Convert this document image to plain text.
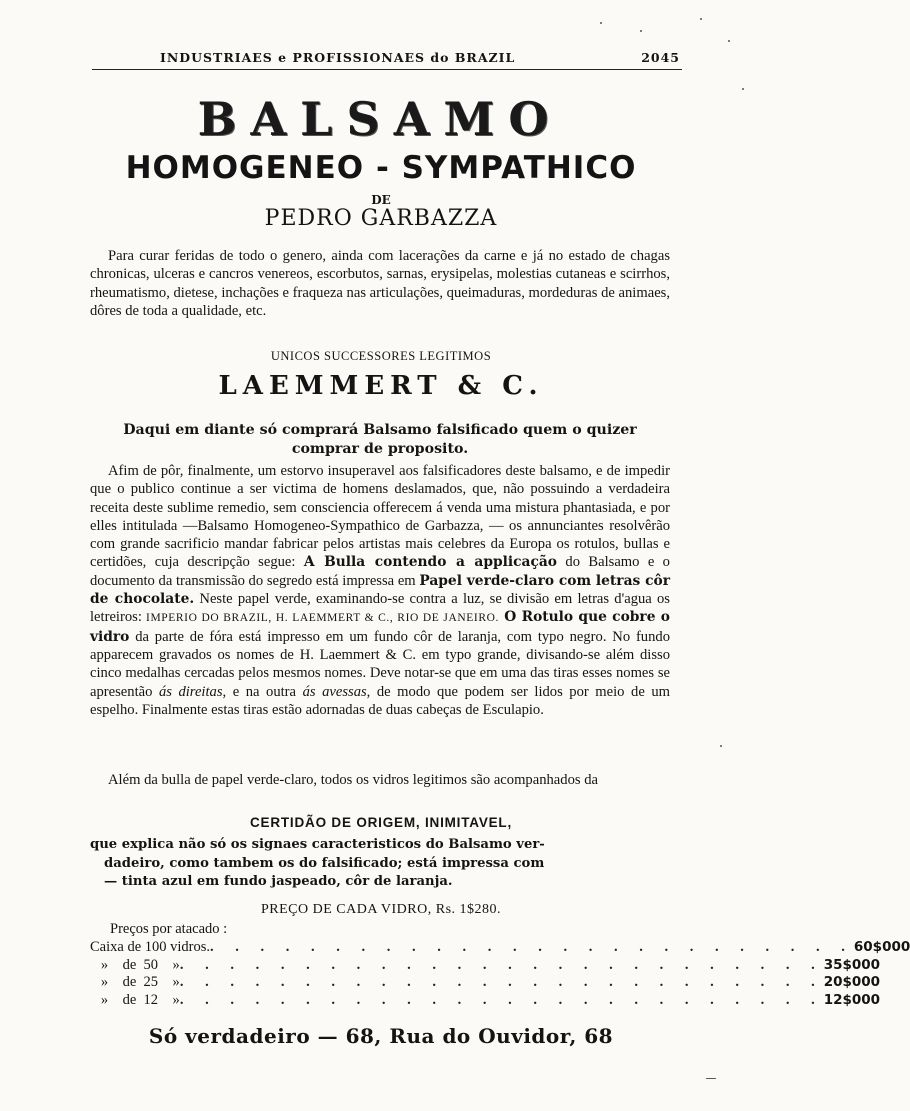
INDUSTRIAES e PROFISSIONAES do BRAZIL	2045
BALSAMO
HOMOGENEO - SYMPATHICO
DE
PEDRO GARBAZZA
Para curar feridas de todo o genero, ainda com lacerações da carne e já no estado de chagas chronicas, ulceras e cancros venereos, escorbutos, sarnas, erysipelas, molestias cutaneas e scirrhos, rheumatismo, dietese, inchações e fraqueza nas articulações, queimaduras, mordeduras de animaes, dôres de toda a qualidade, etc.
UNICOS SUCCESSORES LEGITIMOS
LAEMMERT & C.
Daqui em diante só comprará Balsamo falsificado quem o quizer comprar de proposito.
Afim de pôr, finalmente, um estorvo insuperavel aos falsificadores deste balsamo, e de impedir que o publico continue a ser victima de homens deslamados, que, não possuindo a verdadeira receita deste sublime remedio, sem consciencia offerecem á venda uma mistura phantasiada, e por elles intitulada —Balsamo Homogeneo-Sympathico de Garbazza, — os annunciantes resolvêrão com grande sacrificio mandar fabricar pelos artistas mais celebres da Europa os rotulos, bullas e certidões, cuja descripção segue: A Bulla contendo a applicação do Balsamo e o documento da transmissão do segredo está impressa em Papel verde-claro com letras côr de chocolate. Neste papel verde, examinando-se contra a luz, se divisão em letras d'agua os letreiros: IMPERIO DO BRAZIL, H. LAEMMERT & C., RIO DE JANEIRO. O Rotulo que cobre o vidro da parte de fóra está impresso em um fundo côr de laranja, com typo negro. No fundo apparecem gravados os nomes de H. Laemmert & C. em typo grande, divisando-se além disso cinco medalhas cercadas pelos mesmos nomes. Deve notar-se que em uma das tiras esses nomes se apresentão ás direitas, e na outra ás avessas, de modo que podem ser lidos por meio de um espelho. Finalmente estas tiras estão adornadas de duas cabeças de Esculapio.
Além da bulla de papel verde-claro, todos os vidros legitimos são acompanhados da
CERTIDÃO DE ORIGEM, INIMITAVEL,
que explica não só os signaes caracteristicos do Balsamo ver-
dadeiro, como tambem os do falsificado; está impressa com
— tinta azul em fundo jaspeado, côr de laranja.
PREÇO DE CADA VIDRO, Rs. 1$280.
Preços por atacado :
Caixa de 100 vidros. . . . . . . . . . . . . . . . . . . . . . . . . . . 60$000
»    de  50    » . . . . . . . . . . . . . . . . . . . . . . . . . . 35$000
»    de  25    » . . . . . . . . . . . . . . . . . . . . . . . . . . 20$000
»    de  12    » . . . . . . . . . . . . . . . . . . . . . . . . . . 12$000
Só verdadeiro — 68, Rua do Ouvidor, 68
